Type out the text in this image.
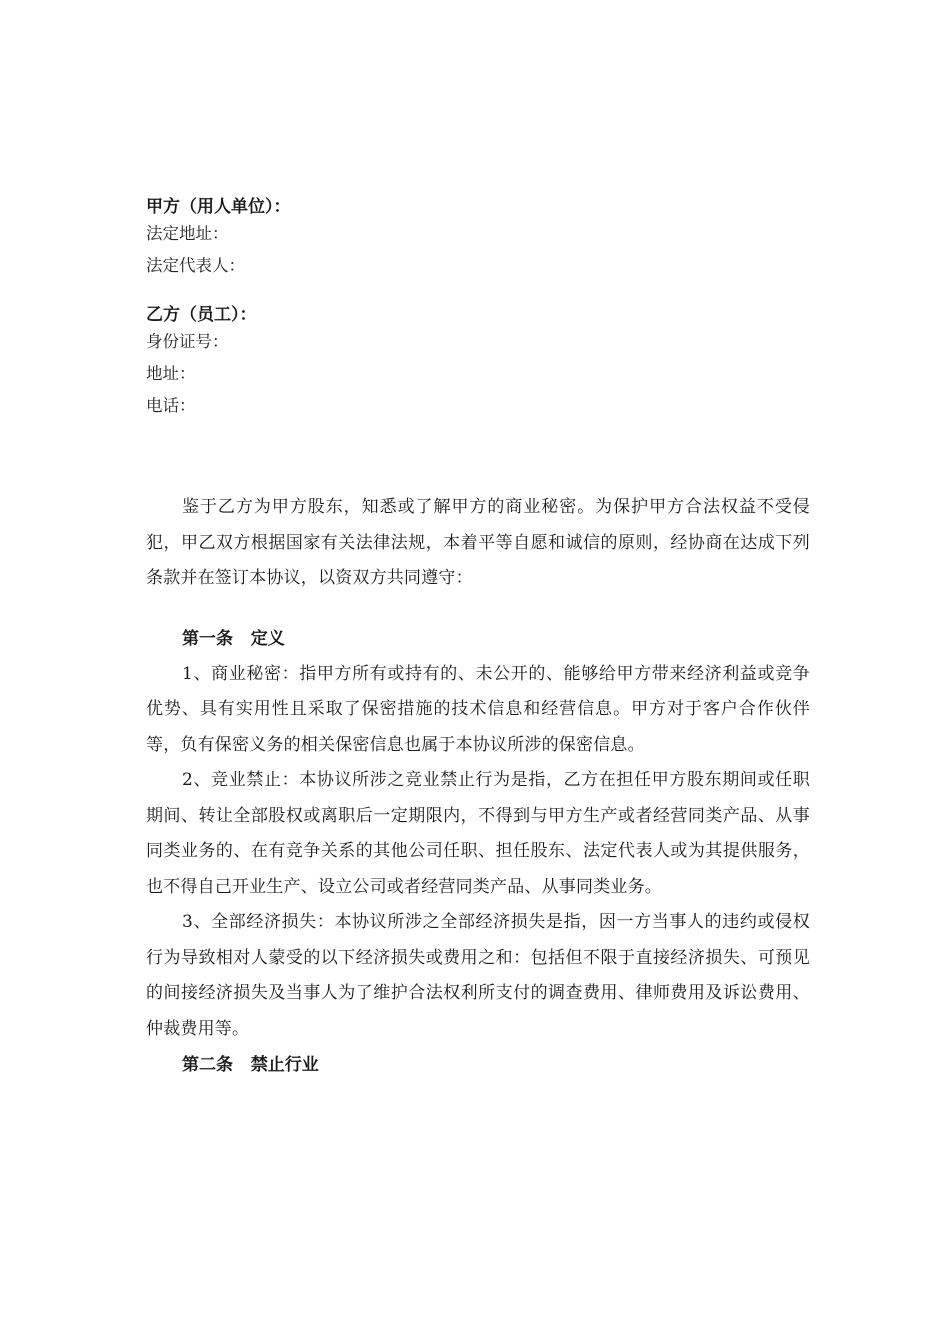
甲方（用人单位）：

法定地址：

法定代表人：

乙方（员工）：

身份证号：

地址：

电话：

鉴于乙方为甲方股东，知悉或了解甲方的商业秘密。为保护甲方合法权益不受侵犯，甲乙双方根据国家有关法律法规，本着平等自愿和诚信的原则，经协商在达成下列条款并在签订本协议，以资双方共同遵守：

第一条   定义

1、商业秘密：指甲方所有或持有的、未公开的、能够给甲方带来经济利益或竞争优势、具有实用性且采取了保密措施的技术信息和经营信息。甲方对于客户合作伙伴等，负有保密义务的相关保密信息也属于本协议所涉的保密信息。

2、竞业禁止：本协议所涉之竞业禁止行为是指，乙方在担任甲方股东期间或任职期间、转让全部股权或离职后一定期限内，不得到与甲方生产或者经营同类产品、从事同类业务的、在有竞争关系的其他公司任职、担任股东、法定代表人或为其提供服务，也不得自己开业生产、设立公司或者经营同类产品、从事同类业务。

3、全部经济损失：本协议所涉之全部经济损失是指，因一方当事人的违约或侵权行为导致相对人蒙受的以下经济损失或费用之和：包括但不限于直接经济损失、可预见的间接经济损失及当事人为了维护合法权利所支付的调查费用、律师费用及诉讼费用、仲裁费用等。

第二条   禁止行业
